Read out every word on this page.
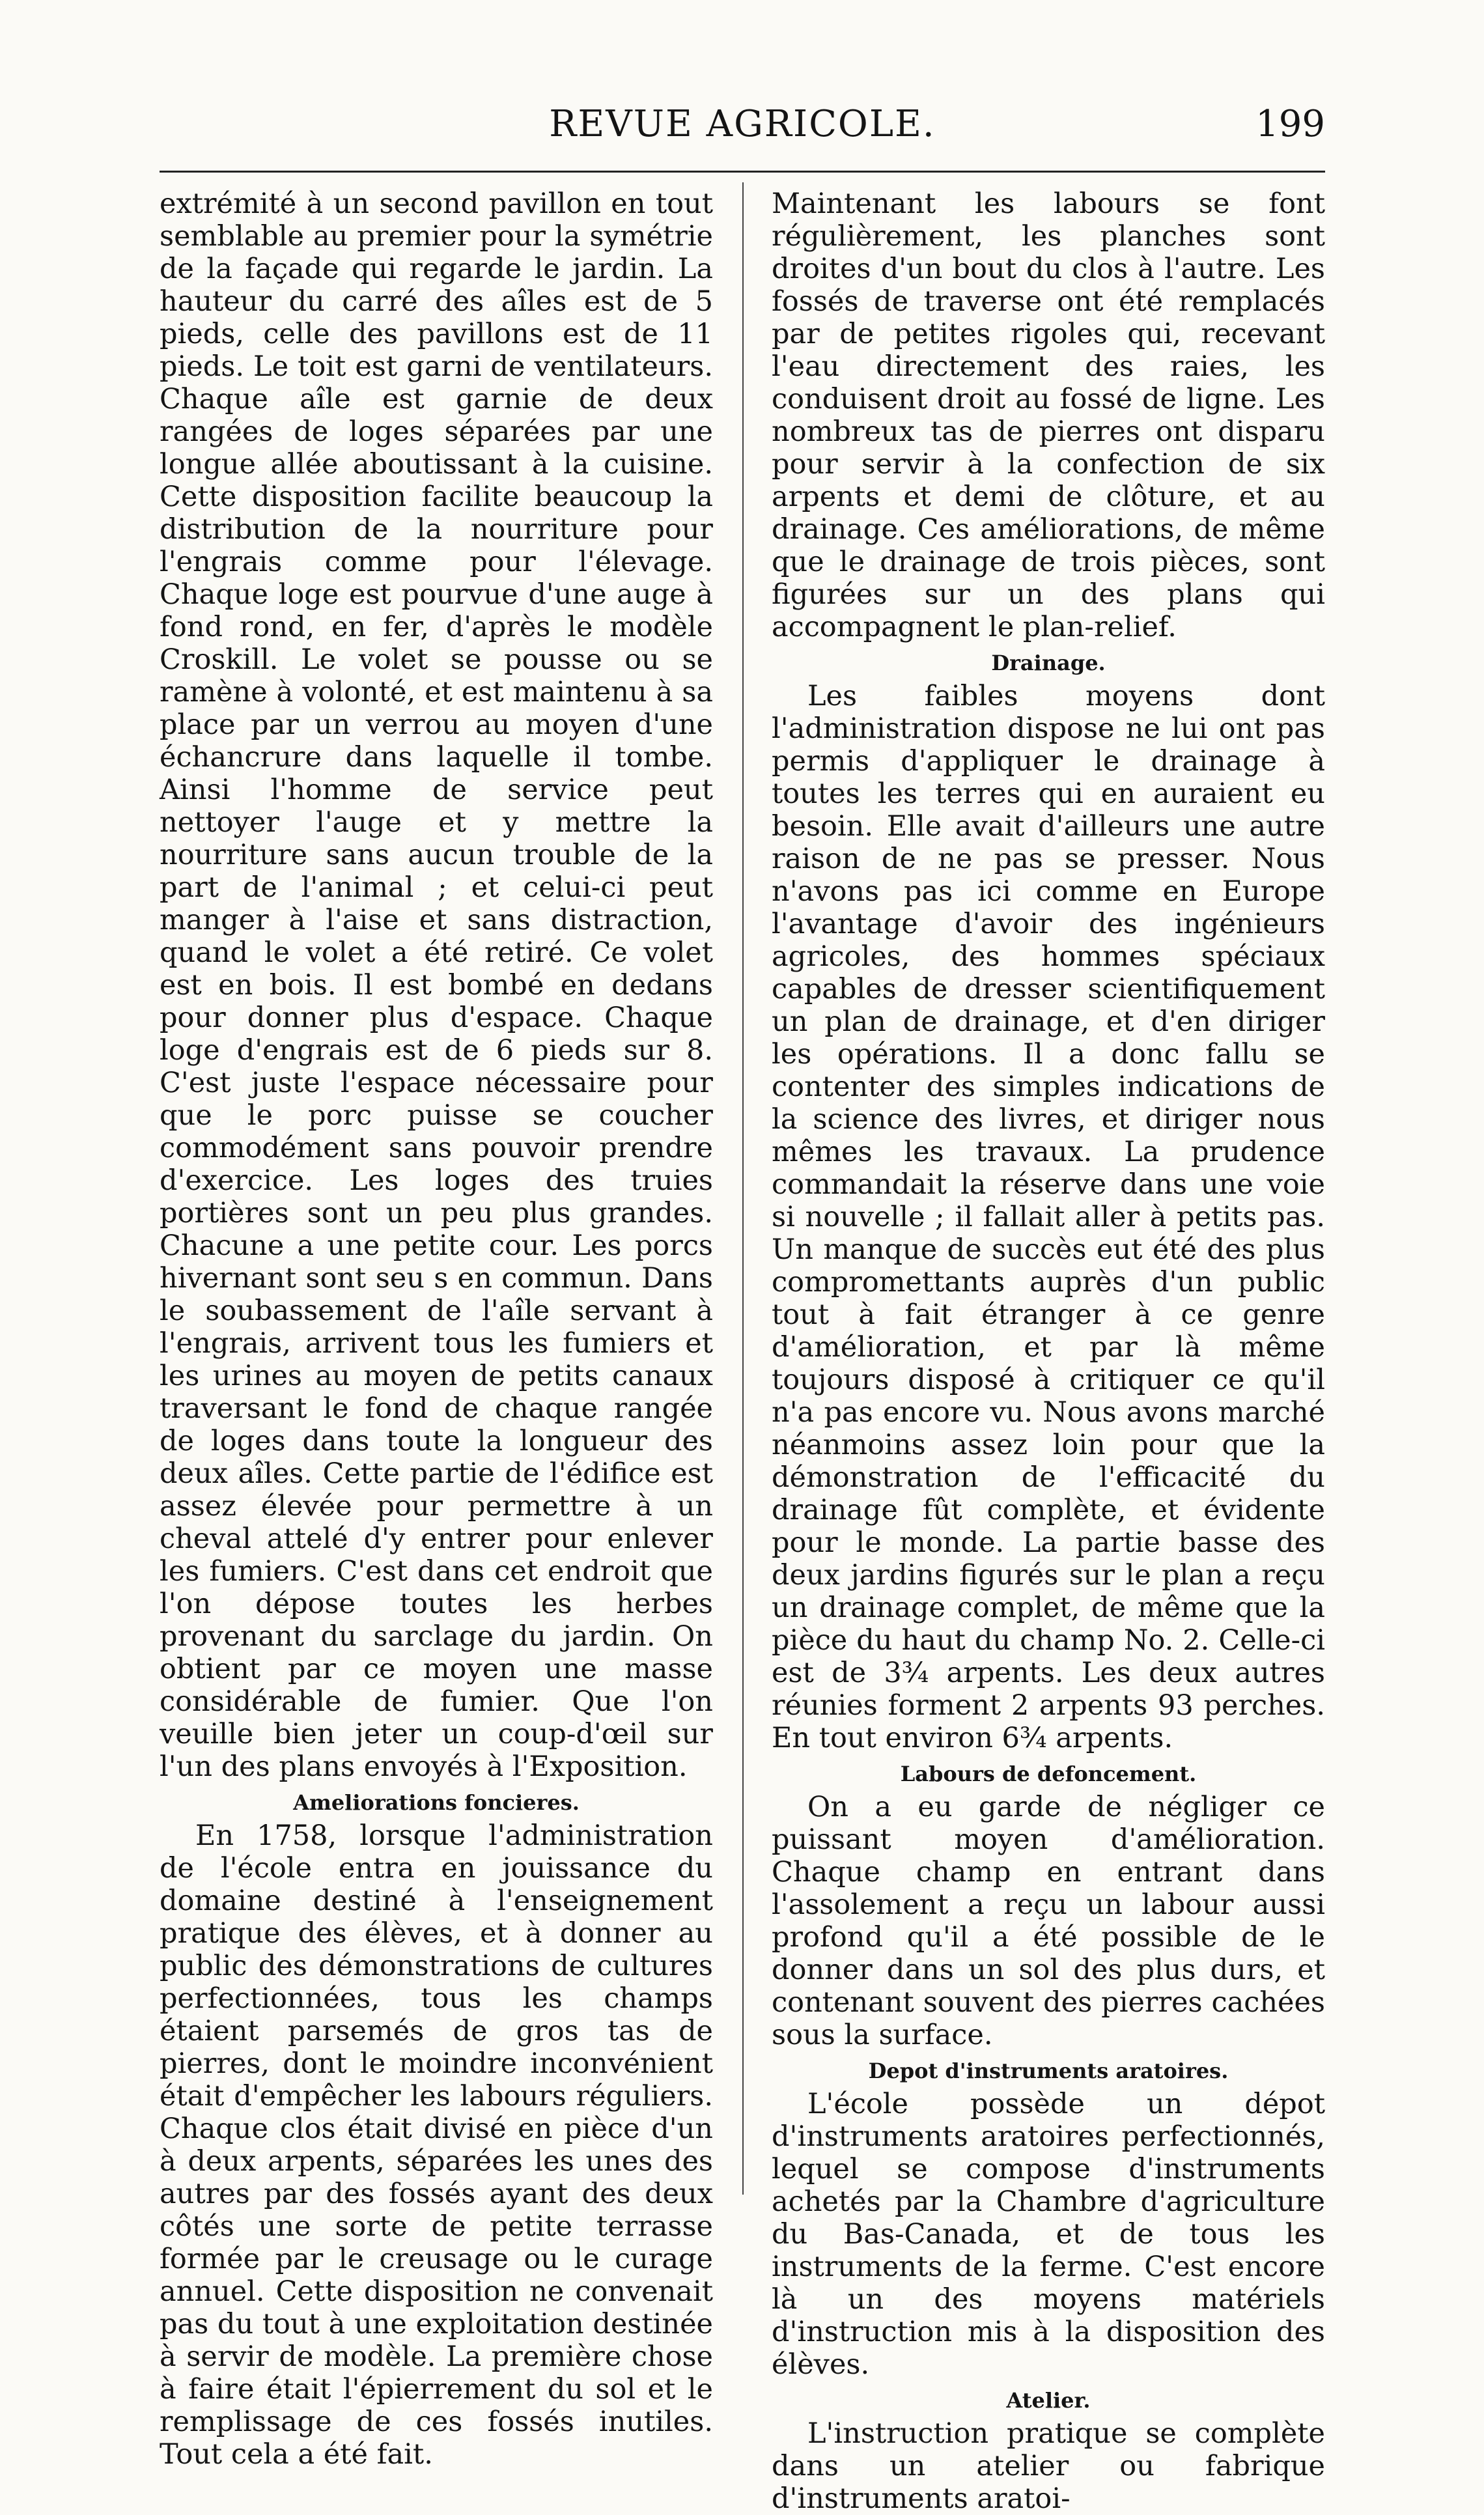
REVUE AGRICOLE.	199

extrémité à un second pavillon en tout semblable au premier pour la symétrie de la façade qui regarde le jardin. La hauteur du carré des aîles est de 5 pieds, celle des pavillons est de 11 pieds. Le toit est garni de ventilateurs. Chaque aîle est garnie de deux rangées de loges séparées par une longue allée aboutissant à la cuisine. Cette disposition facilite beaucoup la distribution de la nourriture pour l'engrais comme pour l'élevage. Chaque loge est pourvue d'une auge à fond rond, en fer, d'après le modèle Croskill. Le volet se pousse ou se ramène à volonté, et est maintenu à sa place par un verrou au moyen d'une échancrure dans laquelle il tombe. Ainsi l'homme de service peut nettoyer l'auge et y mettre la nourriture sans aucun trouble de la part de l'animal ; et celui-ci peut manger à l'aise et sans distraction, quand le volet a été retiré. Ce volet est en bois. Il est bombé en dedans pour donner plus d'espace. Chaque loge d'engrais est de 6 pieds sur 8. C'est juste l'espace nécessaire pour que le porc puisse se coucher commodément sans pouvoir prendre d'exercice. Les loges des truies portières sont un peu plus grandes. Chacune a une petite cour. Les porcs hivernant sont seu s en commun. Dans le soubassement de l'aîle servant à l'engrais, arrivent tous les fumiers et les urines au moyen de petits canaux traversant le fond de chaque rangée de loges dans toute la longueur des deux aîles. Cette partie de l'édifice est assez élevée pour permettre à un cheval attelé d'y entrer pour enlever les fumiers. C'est dans cet endroit que l'on dépose toutes les herbes provenant du sarclage du jardin. On obtient par ce moyen une masse considérable de fumier. Que l'on veuille bien jeter un coup-d'œil sur l'un des plans envoyés à l'Exposition.

Ameliorations foncieres.

En 1758, lorsque l'administration de l'école entra en jouissance du domaine destiné à l'enseignement pratique des élèves, et à donner au public des démonstrations de cultures perfectionnées, tous les champs étaient parsemés de gros tas de pierres, dont le moindre inconvénient était d'empêcher les labours réguliers. Chaque clos était divisé en pièce d'un à deux arpents, séparées les unes des autres par des fossés ayant des deux côtés une sorte de petite terrasse formée par le creusage ou le curage annuel. Cette disposition ne convenait pas du tout à une exploitation destinée à servir de modèle. La première chose à faire était l'épierrement du sol et le remplissage de ces fossés inutiles. Tout cela a été fait.

Maintenant les labours se font régulièrement, les planches sont droites d'un bout du clos à l'autre. Les fossés de traverse ont été remplacés par de petites rigoles qui, recevant l'eau directement des raies, les conduisent droit au fossé de ligne. Les nombreux tas de pierres ont disparu pour servir à la confection de six arpents et demi de clôture, et au drainage. Ces améliorations, de même que le drainage de trois pièces, sont figurées sur un des plans qui accompagnent le plan-relief.

Drainage.

Les faibles moyens dont l'administration dispose ne lui ont pas permis d'appliquer le drainage à toutes les terres qui en auraient eu besoin. Elle avait d'ailleurs une autre raison de ne pas se presser. Nous n'avons pas ici comme en Europe l'avantage d'avoir des ingénieurs agricoles, des hommes spéciaux capables de dresser scientifiquement un plan de drainage, et d'en diriger les opérations. Il a donc fallu se contenter des simples indications de la science des livres, et diriger nous mêmes les travaux. La prudence commandait la réserve dans une voie si nouvelle ; il fallait aller à petits pas. Un manque de succès eut été des plus compromettants auprès d'un public tout à fait étranger à ce genre d'amélioration, et par là même toujours disposé à critiquer ce qu'il n'a pas encore vu. Nous avons marché néanmoins assez loin pour que la démonstration de l'efficacité du drainage fût complète, et évidente pour le monde. La partie basse des deux jardins figurés sur le plan a reçu un drainage complet, de même que la pièce du haut du champ No. 2. Celle-ci est de 3¾ arpents. Les deux autres réunies forment 2 arpents 93 perches. En tout environ 6¾ arpents.

Labours de defoncement.

On a eu garde de négliger ce puissant moyen d'amélioration. Chaque champ en entrant dans l'assolement a reçu un labour aussi profond qu'il a été possible de le donner dans un sol des plus durs, et contenant souvent des pierres cachées sous la surface.

Depot d'instruments aratoires.

L'école possède un dépot d'instruments aratoires perfectionnés, lequel se compose d'instruments achetés par la Chambre d'agriculture du Bas-Canada, et de tous les instruments de la ferme. C'est encore là un des moyens matériels d'instruction mis à la disposition des élèves.

Atelier.

L'instruction pratique se complète dans un atelier ou fabrique d'instruments aratoi-
